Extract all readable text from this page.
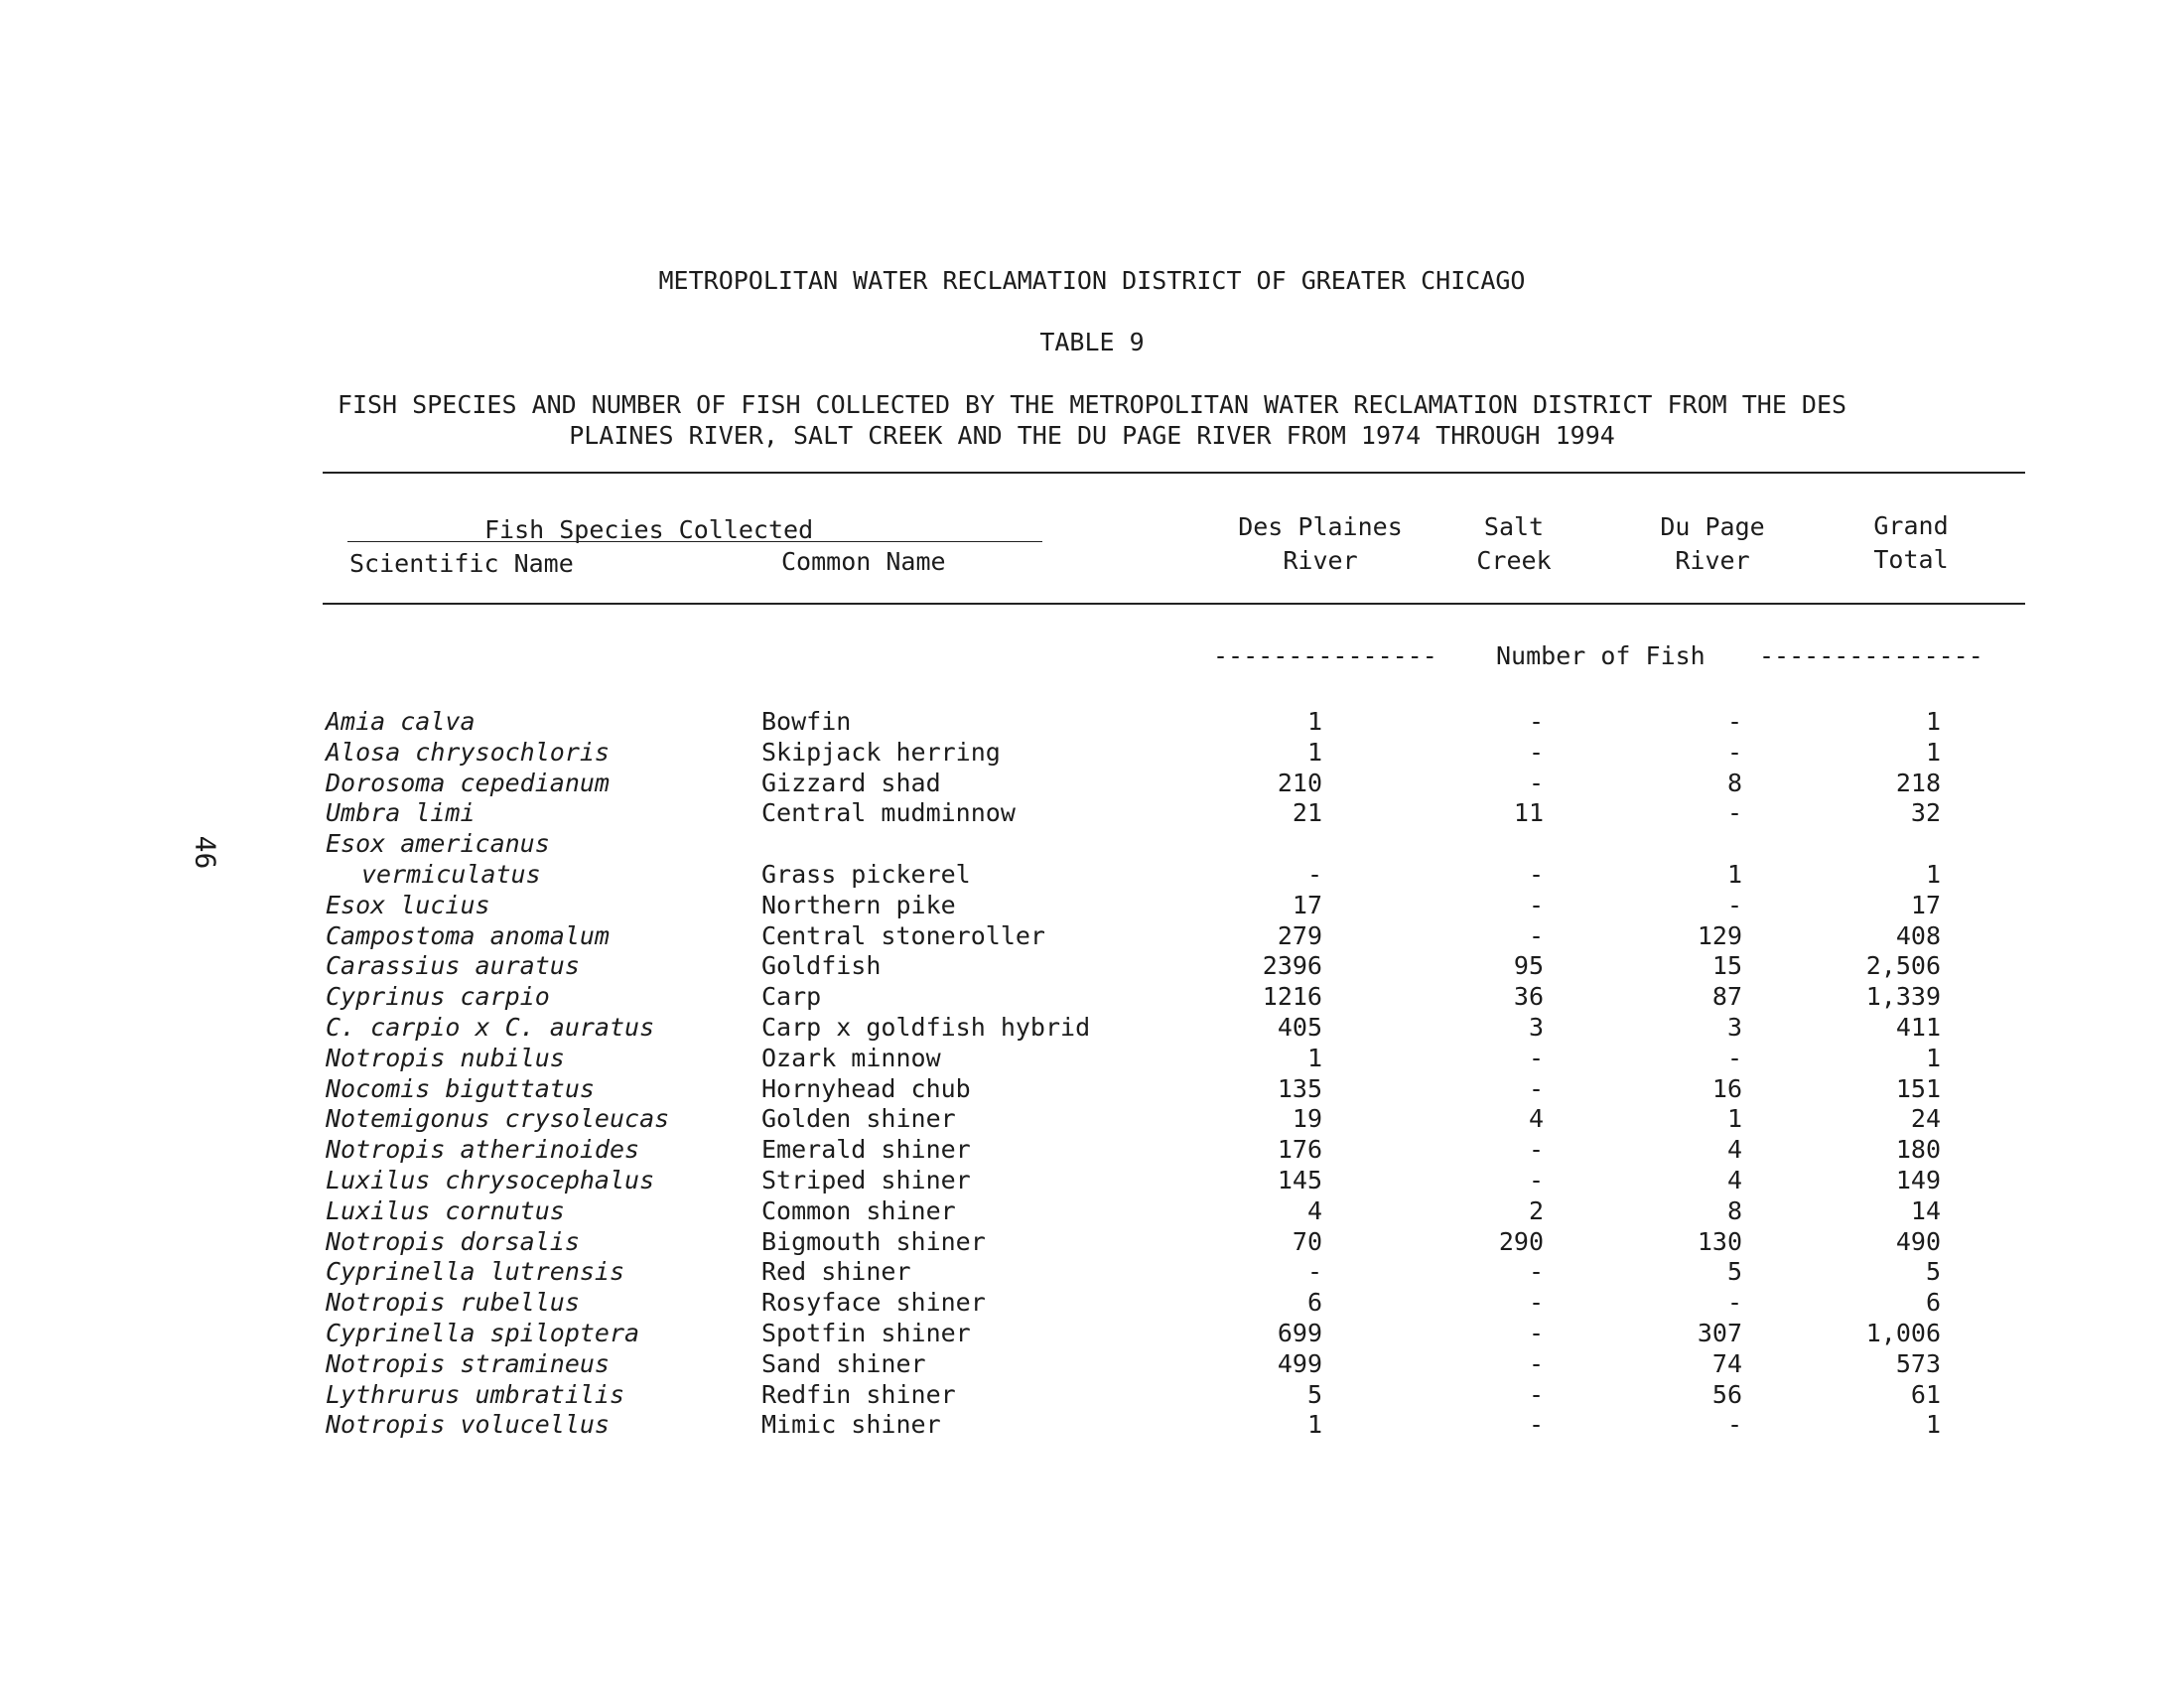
METROPOLITAN WATER RECLAMATION DISTRICT OF GREATER CHICAGO
TABLE 9
FISH SPECIES AND NUMBER OF FISH COLLECTED BY THE METROPOLITAN WATER RECLAMATION DISTRICT FROM THE DES
PLAINES RIVER, SALT CREEK AND THE DU PAGE RIVER FROM 1974 THROUGH 1994
46
Fish Species Collected
Scientific Name	Common Name
Des Plaines
River
Salt
Creek
Du Page
River
Grand
Total
--------------- Number of Fish ---------------
Amia calva	Bowfin	1	-	-	1
Alosa chrysochloris	Skipjack herring	1	-	-	1
Dorosoma cepedianum	Gizzard shad	210	-	8	218
Umbra limi	Central mudminnow	21	11	-	32
Esox americanus
vermiculatus	Grass pickerel	-	-	1	1
Esox lucius	Northern pike	17	-	-	17
Campostoma anomalum	Central stoneroller	279	-	129	408
Carassius auratus	Goldfish	2396	95	15	2,506
Cyprinus carpio	Carp	1216	36	87	1,339
C. carpio x C. auratus	Carp x goldfish hybrid	405	3	3	411
Notropis nubilus	Ozark minnow	1	-	-	1
Nocomis biguttatus	Hornyhead chub	135	-	16	151
Notemigonus crysoleucas	Golden shiner	19	4	1	24
Notropis atherinoides	Emerald shiner	176	-	4	180
Luxilus chrysocephalus	Striped shiner	145	-	4	149
Luxilus cornutus	Common shiner	4	2	8	14
Notropis dorsalis	Bigmouth shiner	70	290	130	490
Cyprinella lutrensis	Red shiner	-	-	5	5
Notropis rubellus	Rosyface shiner	6	-	-	6
Cyprinella spiloptera	Spotfin shiner	699	-	307	1,006
Notropis stramineus	Sand shiner	499	-	74	573
Lythrurus umbratilis	Redfin shiner	5	-	56	61
Notropis volucellus	Mimic shiner	1	-	-	1
